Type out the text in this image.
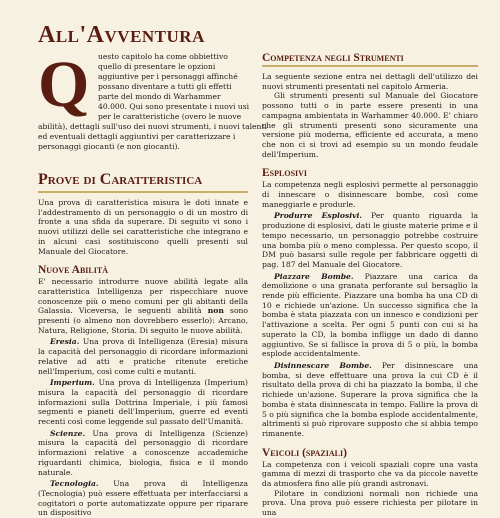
All'Avventura
Q	uesto capitolo ha come obbiettivo
quello di presentare le opzioni
aggiuntive per i personaggi affinché
possano diventare a tutti gli effetti
parte del mondo di Warhammer
40.000. Qui sono presentate i nuovi usi
per le caratteristiche (overo le nuove
abilità), dettagli sull'uso dei nuovi strumenti, i nuovi talenti
ed eventuali dettagli aggiuntivi per caratterizzare i
personaggi giocanti (e non giocanti).
Prove di Caratteristica

Una prova di caratteristica misura le doti innate e l'addestramento di un personaggio o di un mostro di fronte a una sfida da superare. Di seguito vi sono i nuovi utilizzi delle sei caratteristiche che integrano e in alcuni casi sostituiscono quelli presenti sul Manuale del Giocatore.

Nuove Abilità

E' necessario introdurre nuove abilità legate alla caratteristica Intelligenza per rispecchiare nuove conoscenze più o meno comuni per gli abitanti della Galassia. Viceversa, le seguenti abilità non sono presenti (o almeno non dovrebbero esserlo): Arcano, Natura, Religione, Storia. Di seguito le nuove abilità.

Eresia. Una prova di Intelligenza (Eresia) misura la capacità del personaggio di ricordare informazioni relative ad atti e pratiche ritenute eretiche nell'Imperium, così come culti e mutanti.

Imperium. Una prova di Intelligenza (Imperium) misura la capacità del personaggio di ricordare informazioni sulla Dottrina Imperiale, i più famosi segmenti e pianeti dell'Imperium, guerre ed eventi recenti così come leggende sul passato dell'Umanità.

Scienze. Una prova di Intelligenza (Scienze) misura la capacità del personaggio di ricordare informazioni relative a conoscenze accademiche riguardanti chimica, biologia, fisica e il mondo naturale.

Tecnologia. Una prova di Intelligenza (Tecnologia) può essere effettuata per interfacciarsi a cogitatori o porte automatizzate oppure per riparare un dispositivo

Competenza negli Strumenti

La seguente sezione entra nei dettagli dell'utilizzo dei nuovi strumenti presentati nel capitolo Armeria.

Gli strumenti presenti sul Manuale del Giocatore possono tutti o in parte essere presenti in una campagna ambientata in Warhammer 40.000. E' chiaro che gli strumenti presenti sono sicuramente una versione più moderna, efficiente ed accurata, a meno che non ci si trovi ad esempio su un mondo feudale dell'Imperium.

Esplosivi

La competenza negli esplosivi permette al personaggio di innescare o disinnescare bombe, così come maneggiarle e produrle.

Produrre Esplosivi. Per quanto riguarda la produzione di esplosivi, dati le giuste materie prime e il tempo necessario, un personaggio potrebbe costruire una bomba più o meno complessa. Per questo scopo, il DM può basarsi sulle regole per fabbricare oggetti di pag. 187 del Manuale del Giocatore.

Piazzare Bombe. Piazzare una carica da demolizione o una granata perforante sul bersaglio la rende più efficiente. Piazzare una bomba ha una CD di 10 e richiede un'azione. Un successo significa che la bomba è stata piazzata con un innesco e condizioni per l'attivazione a scelta. Per ogni 5 punti con cui si ha superato la CD, la bomba infligge un dado di danno aggiuntivo. Se si fallisce la prova di 5 o più, la bomba esplode accidentalmente.

Disinnescare Bombe. Per disinnescare una bomba, si deve effettuare una prova la cui CD è il risultato della prova di chi ha piazzato la bomba, il che richiede un'azione. Superare la prova significa che la bomba è stata disinnescata in tempo. Fallire la prova di 5 o più significa che la bomba esplode accidentalmente, altrimenti si può riprovare supposto che si abbia tempo rimanente.

Veicoli (spaziali)

La competenza con i veicoli spaziali copre una vasta gamma di mezzi di trasporto che va da piccole navette da atmosfera fino alle più grandi astronavi.

Pilotare in condizioni normali non richiede una prova. Una prova può essere richiesta per pilotare in una
